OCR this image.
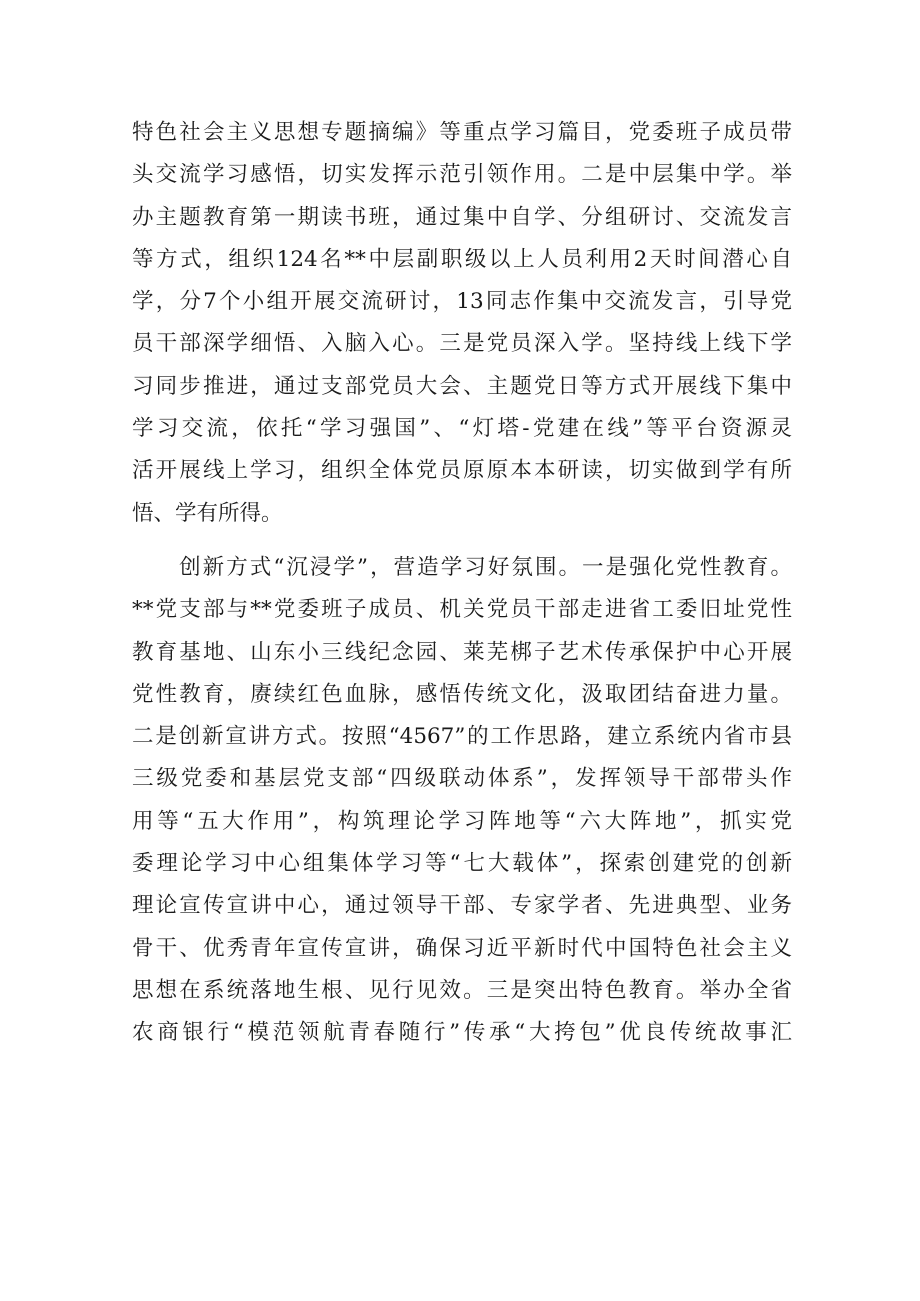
特色社会主义思想专题摘编》等重点学习篇目，党委班子成员带
头交流学习感悟，切实发挥示范引领作用。二是中层集中学。举
办主题教育第一期读书班，通过集中自学、分组研讨、交流发言
等方式，组织124名**中层副职级以上人员利用2天时间潜心自
学，分7个小组开展交流研讨，13同志作集中交流发言，引导党
员干部深学细悟、入脑入心。三是党员深入学。坚持线上线下学
习同步推进，通过支部党员大会、主题党日等方式开展线下集中
学习交流，依托“学习强国”、“灯塔-党建在线”等平台资源灵
活开展线上学习，组织全体党员原原本本研读，切实做到学有所
悟、学有所得。
　　创新方式“沉浸学”，营造学习好氛围。一是强化党性教育。
**党支部与**党委班子成员、机关党员干部走进省工委旧址党性
教育基地、山东小三线纪念园、莱芜梆子艺术传承保护中心开展
党性教育，赓续红色血脉，感悟传统文化，汲取团结奋进力量。
二是创新宣讲方式。按照“4567”的工作思路，建立系统内省市县
三级党委和基层党支部“四级联动体系”，发挥领导干部带头作
用等“五大作用”，构筑理论学习阵地等“六大阵地”，抓实党
委理论学习中心组集体学习等“七大载体”，探索创建党的创新
理论宣传宣讲中心，通过领导干部、专家学者、先进典型、业务
骨干、优秀青年宣传宣讲，确保习近平新时代中国特色社会主义
思想在系统落地生根、见行见效。三是突出特色教育。举办全省
农商银行“模范领航青春随行”传承“大挎包”优良传统故事汇
